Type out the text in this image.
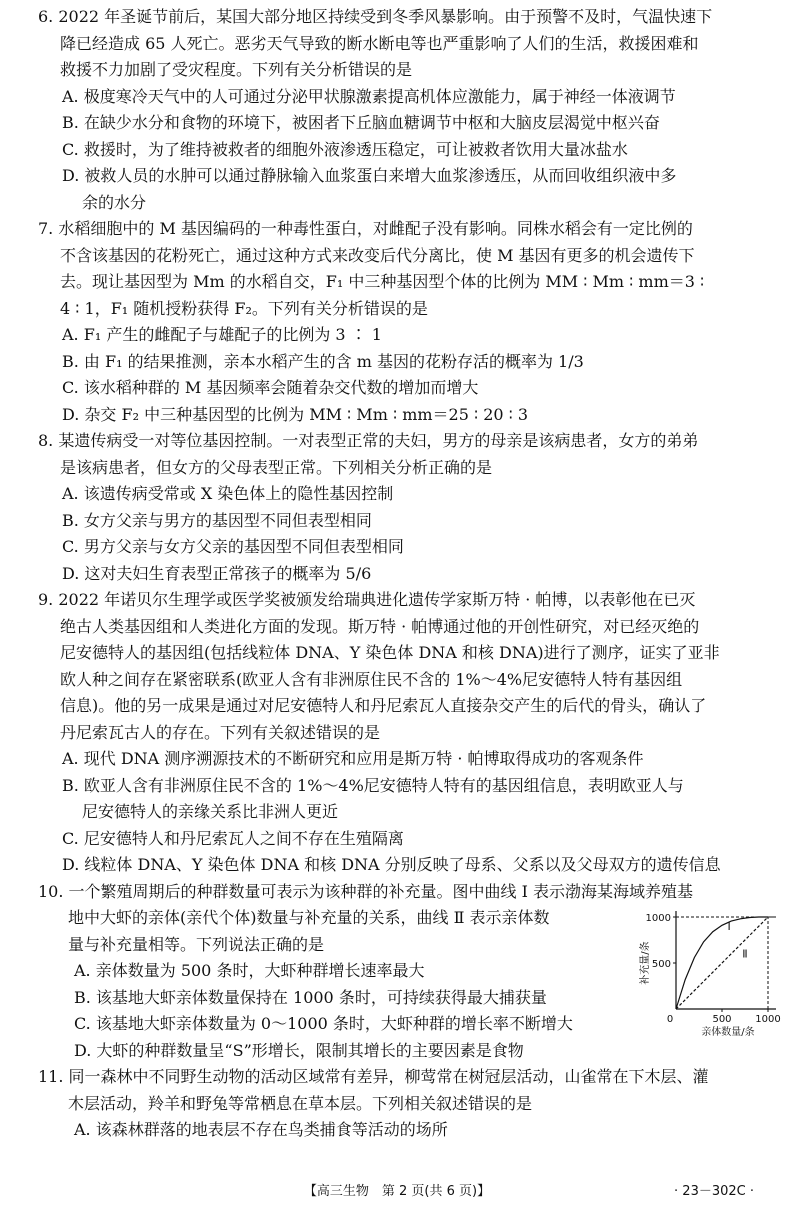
6. 2022 年圣诞节前后，某国大部分地区持续受到冬季风暴影响。由于预警不及时，气温快速下
降已经造成 65 人死亡。恶劣天气导致的断水断电等也严重影响了人们的生活，救援困难和
救援不力加剧了受灾程度。下列有关分析错误的是
A. 极度寒冷天气中的人可通过分泌甲状腺激素提高机体应激能力，属于神经一体液调节
B. 在缺少水分和食物的环境下，被困者下丘脑血糖调节中枢和大脑皮层渴觉中枢兴奋
C. 救援时，为了维持被救者的细胞外液渗透压稳定，可让被救者饮用大量冰盐水
D. 被救人员的水肿可以通过静脉输入血浆蛋白来增大血浆渗透压，从而回收组织液中多
余的水分
7. 水稻细胞中的 M 基因编码的一种毒性蛋白，对雌配子没有影响。同株水稻会有一定比例的
不含该基因的花粉死亡，通过这种方式来改变后代分离比，使 M 基因有更多的机会遗传下
去。现让基因型为 Mm 的水稻自交，F₁ 中三种基因型个体的比例为 MM ∶ Mm ∶ mm＝3 ∶
4 ∶ 1，F₁ 随机授粉获得 F₂。下列有关分析错误的是
A. F₁ 产生的雌配子与雄配子的比例为 3 ∶ 1
B. 由 F₁ 的结果推测，亲本水稻产生的含 m 基因的花粉存活的概率为 1/3
C. 该水稻种群的 M 基因频率会随着杂交代数的增加而增大
D. 杂交 F₂ 中三种基因型的比例为 MM ∶ Mm ∶ mm＝25 ∶ 20 ∶ 3
8. 某遗传病受一对等位基因控制。一对表型正常的夫妇，男方的母亲是该病患者，女方的弟弟
是该病患者，但女方的父母表型正常。下列相关分析正确的是
A. 该遗传病受常或 X 染色体上的隐性基因控制
B. 女方父亲与男方的基因型不同但表型相同
C. 男方父亲与女方父亲的基因型不同但表型相同
D. 这对夫妇生育表型正常孩子的概率为 5/6
9. 2022 年诺贝尔生理学或医学奖被颁发给瑞典进化遗传学家斯万特 · 帕博，以表彰他在已灭
绝古人类基因组和人类进化方面的发现。斯万特 · 帕博通过他的开创性研究，对已经灭绝的
尼安德特人的基因组(包括线粒体 DNA、Y 染色体 DNA 和核 DNA)进行了测序，证实了亚非
欧人种之间存在紧密联系(欧亚人含有非洲原住民不含的 1%～4%尼安德特人特有基因组
信息)。他的另一成果是通过对尼安德特人和丹尼索瓦人直接杂交产生的后代的骨头，确认了
丹尼索瓦古人的存在。下列有关叙述错误的是
A. 现代 DNA 测序溯源技术的不断研究和应用是斯万特 · 帕博取得成功的客观条件
B. 欧亚人含有非洲原住民不含的 1%～4%尼安德特人特有的基因组信息，表明欧亚人与
尼安德特人的亲缘关系比非洲人更近
C. 尼安德特人和丹尼索瓦人之间不存在生殖隔离
D. 线粒体 DNA、Y 染色体 DNA 和核 DNA 分别反映了母系、父系以及父母双方的遗传信息
10. 一个繁殖周期后的种群数量可表示为该种群的补充量。图中曲线 Ⅰ 表示渤海某海域养殖基
地中大虾的亲体(亲代个体)数量与补充量的关系，曲线 Ⅱ 表示亲体数
量与补充量相等。下列说法正确的是
A. 亲体数量为 500 条时，大虾种群增长速率最大
B. 该基地大虾亲体数量保持在 1000 条时，可持续获得最大捕获量
C. 该基地大虾亲体数量为 0～1000 条时，大虾种群的增长率不断增大
D. 大虾的种群数量呈“S”形增长，限制其增长的主要因素是食物
500
1000
0	500 1000
Ⅰ
Ⅱ
补充量/条
亲体数量/条
11. 同一森林中不同野生动物的活动区域常有差异，柳莺常在树冠层活动，山雀常在下木层、灌
木层活动，羚羊和野兔等常栖息在草本层。下列相关叙述错误的是
A. 该森林群落的地表层不存在鸟类捕食等活动的场所
【高三生物　第 2 页(共 6 页)】	· 23－302C ·
